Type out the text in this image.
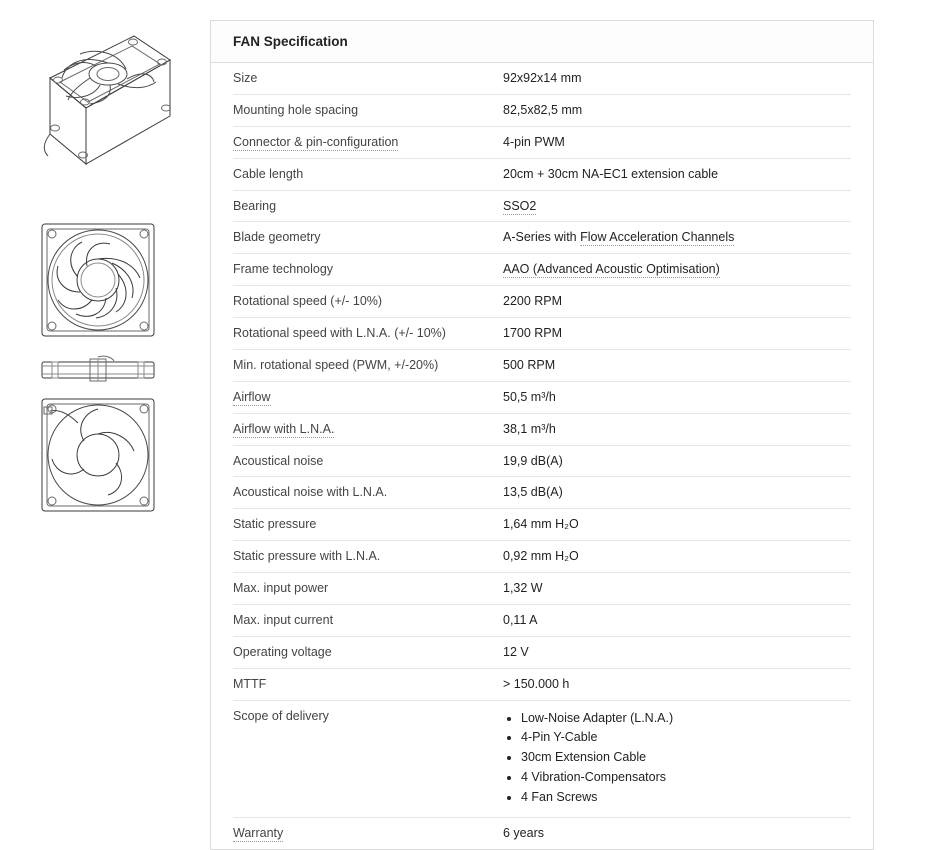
FAN Specification
Size	92x92x14 mm
Mounting hole spacing	82,5x82,5 mm
Connector & pin-configuration	4-pin PWM
Cable length	20cm + 30cm NA-EC1 extension cable
Bearing	SSO2
Blade geometry	A-Series with Flow Acceleration Channels
Frame technology	AAO (Advanced Acoustic Optimisation)
Rotational speed (+/- 10%)	2200 RPM
Rotational speed with L.N.A. (+/- 10%)	1700 RPM
Min. rotational speed (PWM, +/-20%)	500 RPM
Airflow	50,5 m³/h
Airflow with L.N.A.	38,1 m³/h
Acoustical noise	19,9 dB(A)
Acoustical noise with L.N.A.	13,5 dB(A)
Static pressure	1,64 mm H₂O
Static pressure with L.N.A.	0,92 mm H₂O
Max. input power	1,32 W
Max. input current	0,11 A
Operating voltage	12 V
MTTF	> 150.000 h
Scope of delivery	
•Low-Noise Adapter (L.N.A.)
• 4-Pin Y-Cable
• 30cm Extension Cable
• 4 Vibration-Compensators
• 4 Fan Screws

Warranty	6 years
